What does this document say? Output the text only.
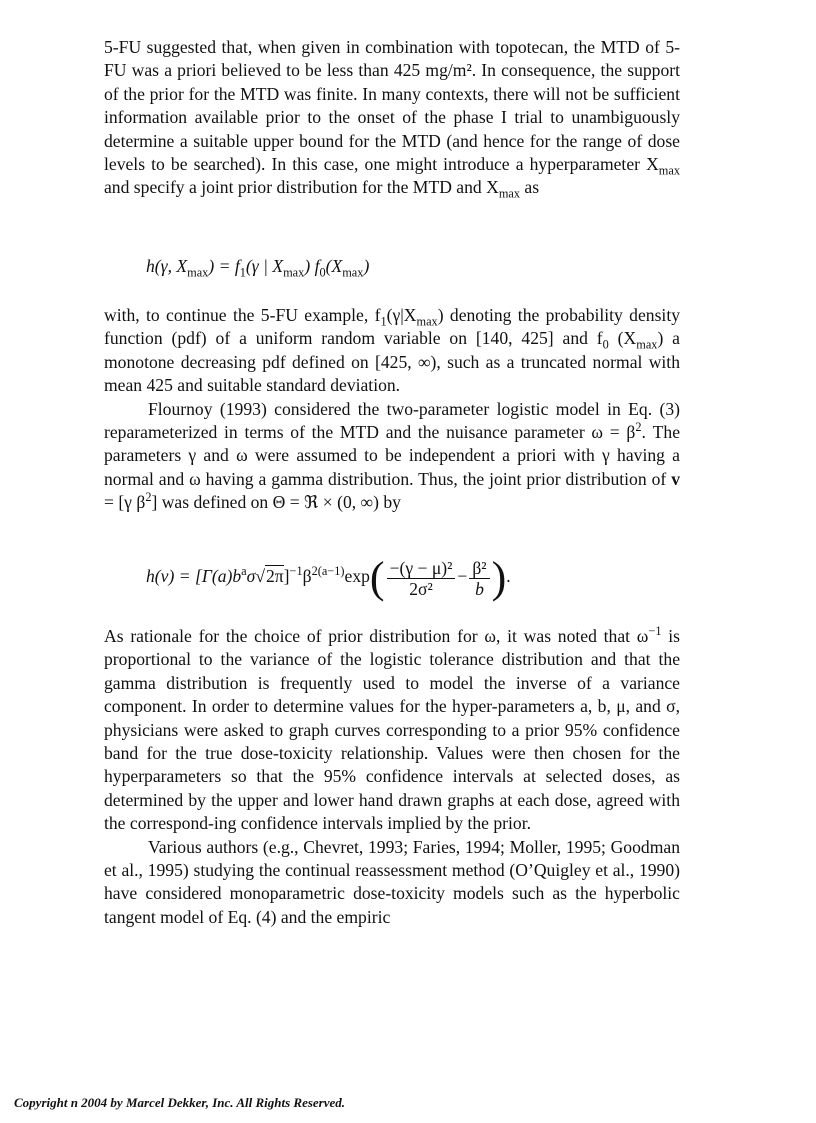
5-FU suggested that, when given in combination with topotecan, the MTD of 5-FU was a priori believed to be less than 425 mg/m². In consequence, the support of the prior for the MTD was finite. In many contexts, there will not be sufficient information available prior to the onset of the phase I trial to unambiguously determine a suitable upper bound for the MTD (and hence for the range of dose levels to be searched). In this case, one might introduce a hyperparameter $X_{max}$ and specify a joint prior distribution for the MTD and $X_{max}$ as

h(γ, $X_{max}) = f_1(\gamma$ | $X_{max}$) $f_0(X_{max})$

with, to continue the 5-FU example, $f_1(\gamma|X_{max})$ denoting the probability density function (pdf) of a uniform random variable on [140, 425] and $f_0$ $(X_{max})$ a monotone decreasing pdf defined on [425, ∞), such as a truncated normal with mean 425 and suitable standard deviation.

Flournoy (1993) considered the two-parameter logistic model in Eq. (3) reparameterized in terms of the MTD and the nuisance parameter $\omega = \beta^2$. The parameters γ and ω were assumed to be independent a priori with γ having a normal and ω having a gamma distribution. Thus, the joint prior distribution of v = [γ $\beta^2$] was defined on Θ = ℜ × (0, ∞) by

$h(\nu) = [\Gamma(a)b^a\sigma√2\pi]^{-1}\beta^{2(a-1)}\exp( \frac{\text{−(γ − μ)²}}{\text{2σ²}} - \frac{\text{β²}}{b}$ ).

As rationale for the choice of prior distribution for ω, it was noted that $\omega^{-1}$ is proportional to the variance of the logistic tolerance distribution and that the gamma distribution is frequently used to model the inverse of a variance component. In order to determine values for the hyper-parameters a, b, μ, and σ, physicians were asked to graph curves corresponding to a prior 95% confidence band for the true dose-toxicity relationship. Values were then chosen for the hyperparameters so that the 95% confidence intervals at selected doses, as determined by the upper and lower hand drawn graphs at each dose, agreed with the correspond-ing confidence intervals implied by the prior.

Various authors (e.g., Chevret, 1993; Faries, 1994; Moller, 1995; Goodman et al., 1995) studying the continual reassessment method (O’Quigley et al., 1990) have considered monoparametric dose-toxicity models such as the hyperbolic tangent model of Eq. (4) and the empiric

Copyright n 2004 by Marcel Dekker, Inc. All Rights Reserved.
